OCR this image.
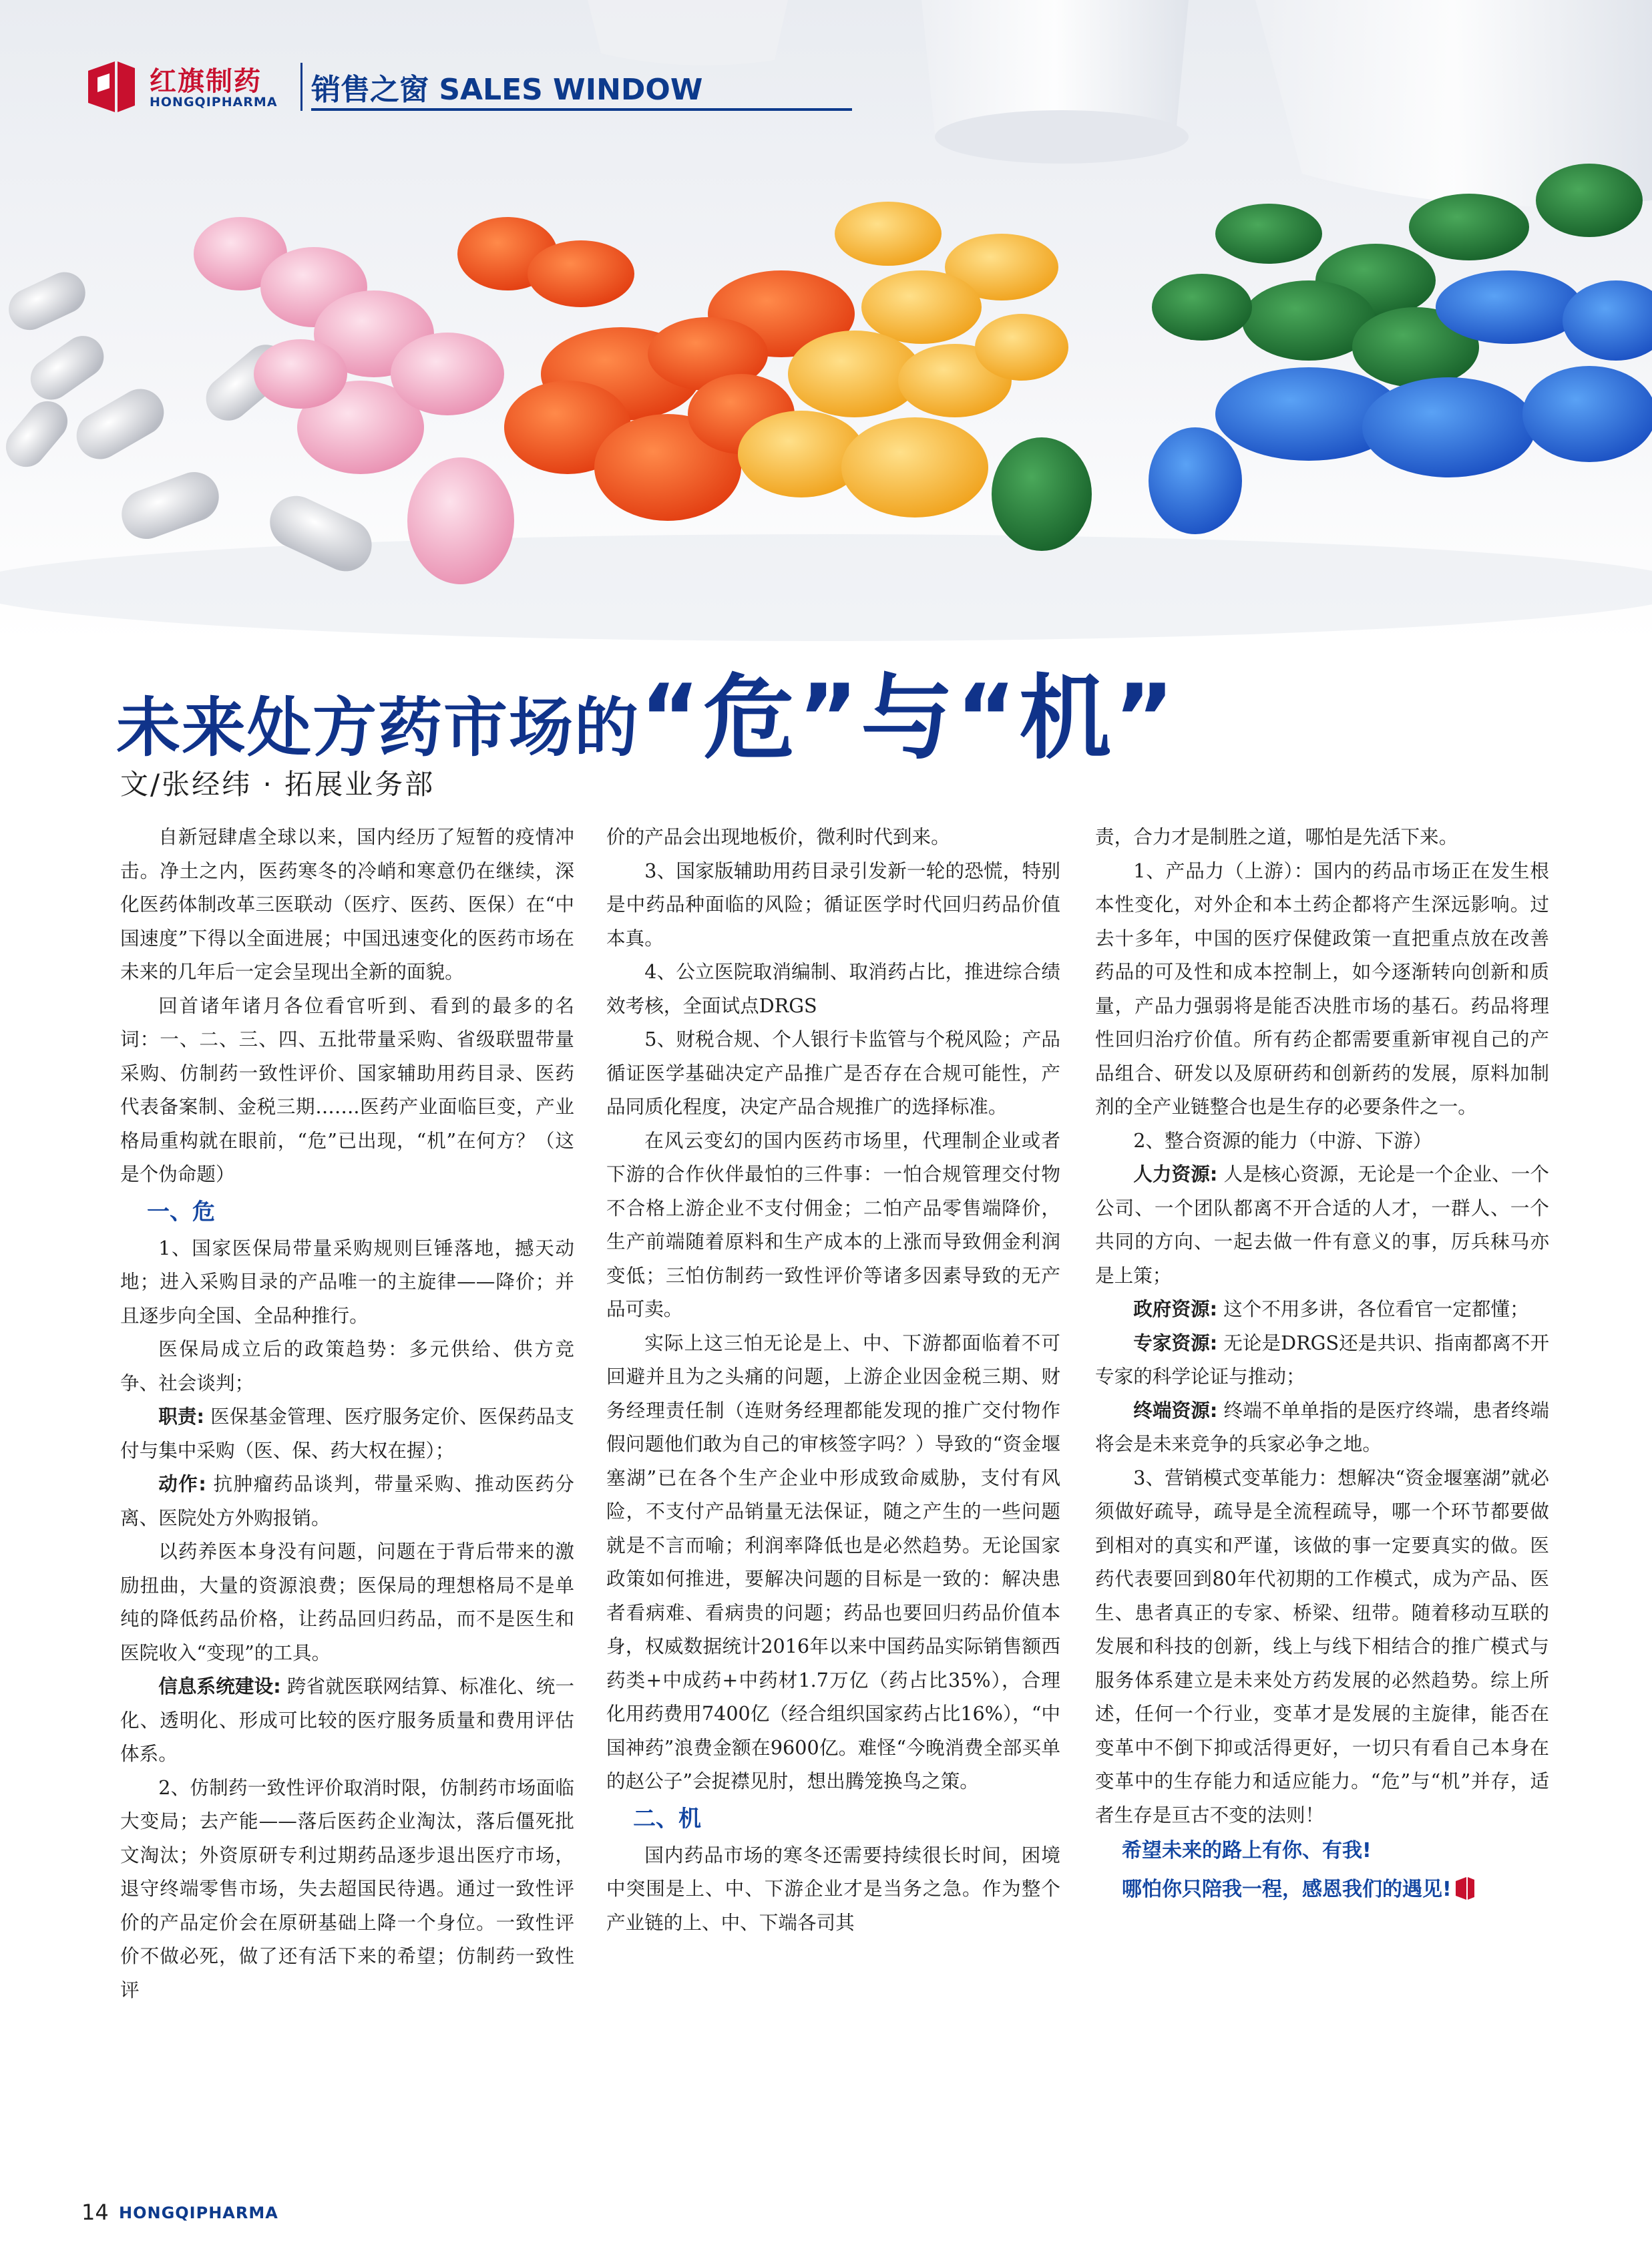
红旗制药
HONGQIPHARMA 销售之窗 SALES WINDOW
未来处方药市场的“危”与“机”
文/张经纬 · 拓展业务部

自新冠肆虐全球以来，国内经历了短暂的疫情冲击。净土之内，医药寒冬的冷峭和寒意仍在继续，深化医药体制改革三医联动（医疗、医药、医保）在“中国速度”下得以全面进展；中国迅速变化的医药市场在未来的几年后一定会呈现出全新的面貌。

回首诸年诸月各位看官听到、看到的最多的名词：一、二、三、四、五批带量采购、省级联盟带量采购、仿制药一致性评价、国家辅助用药目录、医药代表备案制、金税三期…….医药产业面临巨变，产业格局重构就在眼前，“危”已出现，“机”在何方？（这是个伪命题）

一、危

1、国家医保局带量采购规则巨锤落地，撼天动地；进入采购目录的产品唯一的主旋律——降价；并且逐步向全国、全品种推行。

医保局成立后的政策趋势：多元供给、供方竞争、社会谈判；

职责: 医保基金管理、医疗服务定价、医保药品支付与集中采购（医、保、药大权在握）；

动作: 抗肿瘤药品谈判，带量采购、推动医药分离、医院处方外购报销。

以药养医本身没有问题，问题在于背后带来的激励扭曲，大量的资源浪费；医保局的理想格局不是单纯的降低药品价格，让药品回归药品，而不是医生和医院收入“变现”的工具。

信息系统建设: 跨省就医联网结算、标准化、统一化、透明化、形成可比较的医疗服务质量和费用评估体系。

2、仿制药一致性评价取消时限，仿制药市场面临大变局；去产能——落后医药企业淘汰，落后僵死批文淘汰；外资原研专利过期药品逐步退出医疗市场，退守终端零售市场，失去超国民待遇。通过一致性评价的产品定价会在原研基础上降一个身位。一致性评价不做必死，做了还有活下来的希望；仿制药一致性评

价的产品会出现地板价，微利时代到来。

3、国家版辅助用药目录引发新一轮的恐慌，特别是中药品种面临的风险；循证医学时代回归药品价值本真。

4、公立医院取消编制、取消药占比，推进综合绩效考核，全面试点DRGS

5、财税合规、个人银行卡监管与个税风险；产品循证医学基础决定产品推广是否存在合规可能性，产品同质化程度，决定产品合规推广的选择标准。

在风云变幻的国内医药市场里，代理制企业或者下游的合作伙伴最怕的三件事：一怕合规管理交付物不合格上游企业不支付佣金；二怕产品零售端降价，生产前端随着原料和生产成本的上涨而导致佣金利润变低；三怕仿制药一致性评价等诸多因素导致的无产品可卖。

实际上这三怕无论是上、中、下游都面临着不可回避并且为之头痛的问题，上游企业因金税三期、财务经理责任制（连财务经理都能发现的推广交付物作假问题他们敢为自己的审核签字吗？）导致的“资金堰塞湖”已在各个生产企业中形成致命威胁，支付有风险，不支付产品销量无法保证，随之产生的一些问题就是不言而喻；利润率降低也是必然趋势。无论国家政策如何推进，要解决问题的目标是一致的：解决患者看病难、看病贵的问题；药品也要回归药品价值本身，权威数据统计2016年以来中国药品实际销售额西药类+中成药+中药材1.7万亿（药占比35%），合理化用药费用7400亿（经合组织国家药占比16%），“中国神药”浪费金额在9600亿。难怪“今晚消费全部买单的赵公子”会捉襟见肘，想出腾笼换鸟之策。

二、机

国内药品市场的寒冬还需要持续很长时间，困境中突围是上、中、下游企业才是当务之急。作为整个产业链的上、中、下端各司其

责，合力才是制胜之道，哪怕是先活下来。

1、产品力（上游）：国内的药品市场正在发生根本性变化，对外企和本土药企都将产生深远影响。过去十多年，中国的医疗保健政策一直把重点放在改善药品的可及性和成本控制上，如今逐渐转向创新和质量，产品力强弱将是能否决胜市场的基石。药品将理性回归治疗价值。所有药企都需要重新审视自己的产品组合、研发以及原研药和创新药的发展，原料加制剂的全产业链整合也是生存的必要条件之一。

2、整合资源的能力（中游、下游）

人力资源: 人是核心资源，无论是一个企业、一个公司、一个团队都离不开合适的人才，一群人、一个共同的方向、一起去做一件有意义的事，厉兵秣马亦是上策；

政府资源: 这个不用多讲，各位看官一定都懂；

专家资源: 无论是DRGS还是共识、指南都离不开专家的科学论证与推动；

终端资源: 终端不单单指的是医疗终端，患者终端将会是未来竞争的兵家必争之地。

3、营销模式变革能力：想解决“资金堰塞湖”就必须做好疏导，疏导是全流程疏导，哪一个环节都要做到相对的真实和严谨，该做的事一定要真实的做。医药代表要回到80年代初期的工作模式，成为产品、医生、患者真正的专家、桥梁、纽带。随着移动互联的发展和科技的创新，线上与线下相结合的推广模式与服务体系建立是未来处方药发展的必然趋势。综上所述，任何一个行业，变革才是发展的主旋律，能否在变革中不倒下抑或活得更好，一切只有看自己本身在变革中的生存能力和适应能力。“危”与“机”并存，适者生存是亘古不变的法则！

希望未来的路上有你、有我!

哪怕你只陪我一程，感恩我们的遇见!

14 HONGQIPHARMA
